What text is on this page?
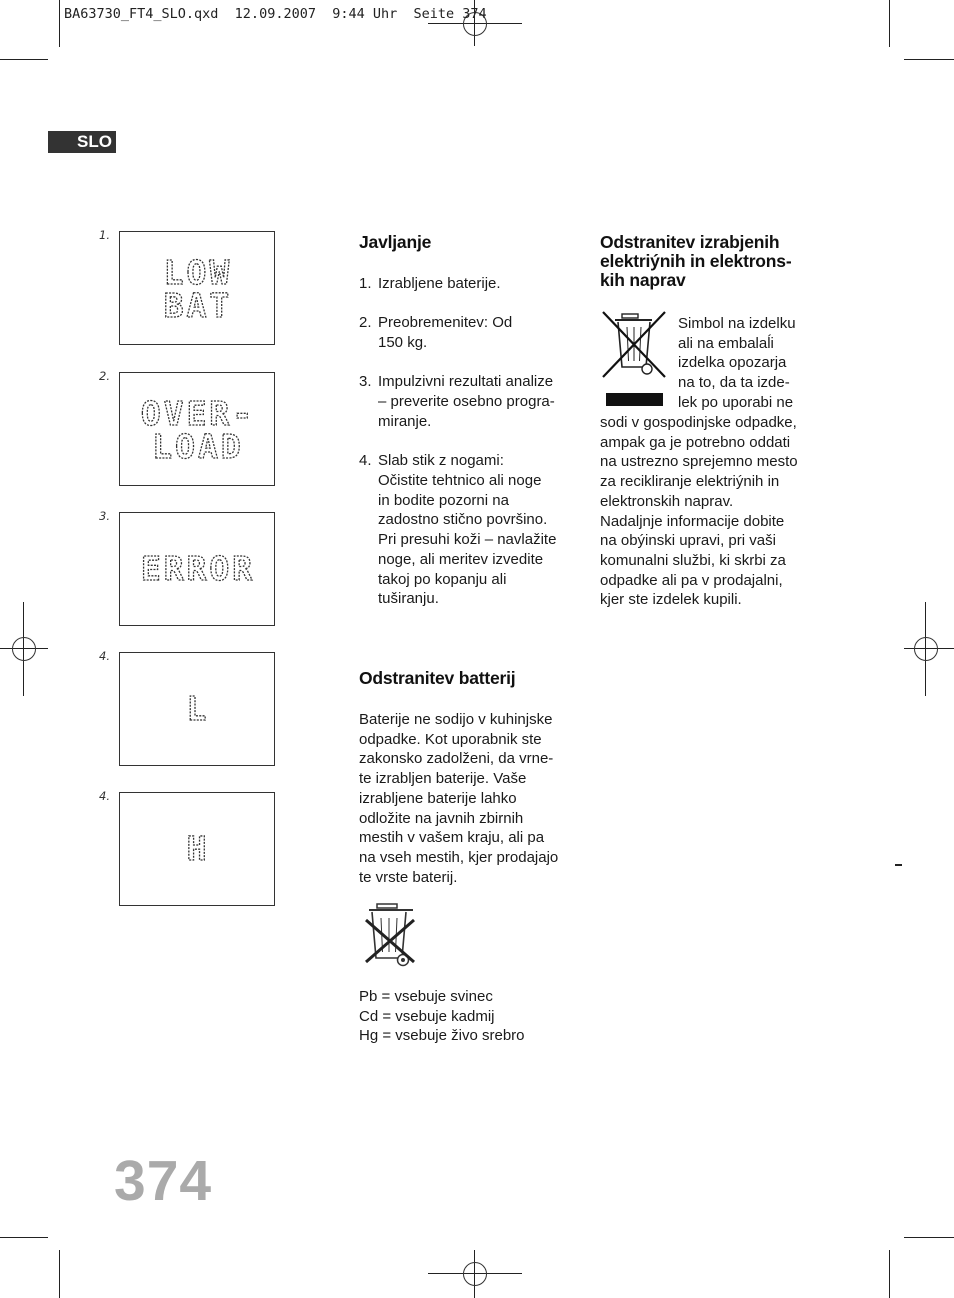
BA63730_FT4_SLO.qxd  12.09.2007  9:44 Uhr  Seite 374
SLO
1.
LOW
BAT
2.
OVER-
LOAD
3.
ERROR
4.
L
4.
H
Javljanje
1. Izrabljene baterije.
2. Preobremenitev: Od
150 kg.
3. Impulzivni rezultati analize
– preverite osebno progra-
miranje.
4. Slab stik z nogami:
Očistite tehtnico ali noge
in bodite pozorni na
zadostno stično površino.
Pri presuhi koži – navlažite
noge, ali meritev izvedite
takoj po kopanju ali
tuširanju.
Odstranitev batterij
Baterije ne sodijo v kuhinjske
odpadke. Kot uporabnik ste
zakonsko zadolženi, da vrne-
te izrabljen baterije. Vaše
izrabljene baterije lahko
odložite na javnih zbirnih
mestih v vašem kraju, ali pa
na vseh mestih, kjer prodajajo
te vrste baterij.
Pb = vsebuje svinec
Cd = vsebuje kadmij
Hg = vsebuje živo srebro
Odstranitev izrabjenih
elektriýnih in elektrons-
kih naprav
Simbol na izdelku
ali na embalaĺi
izdelka opozarja
na to, da ta izde-
lek po uporabi ne
sodi v gospodinjske odpadke,
ampak ga je potrebno oddati
na ustrezno sprejemno mesto
za recikliranje elektriýnih in
elektronskih naprav.
Nadaljnje informacije dobite
na obýinski upravi, pri vaši
komunalni službi, ki skrbi za
odpadke ali pa v prodajalni,
kjer ste izdelek kupili.
374
